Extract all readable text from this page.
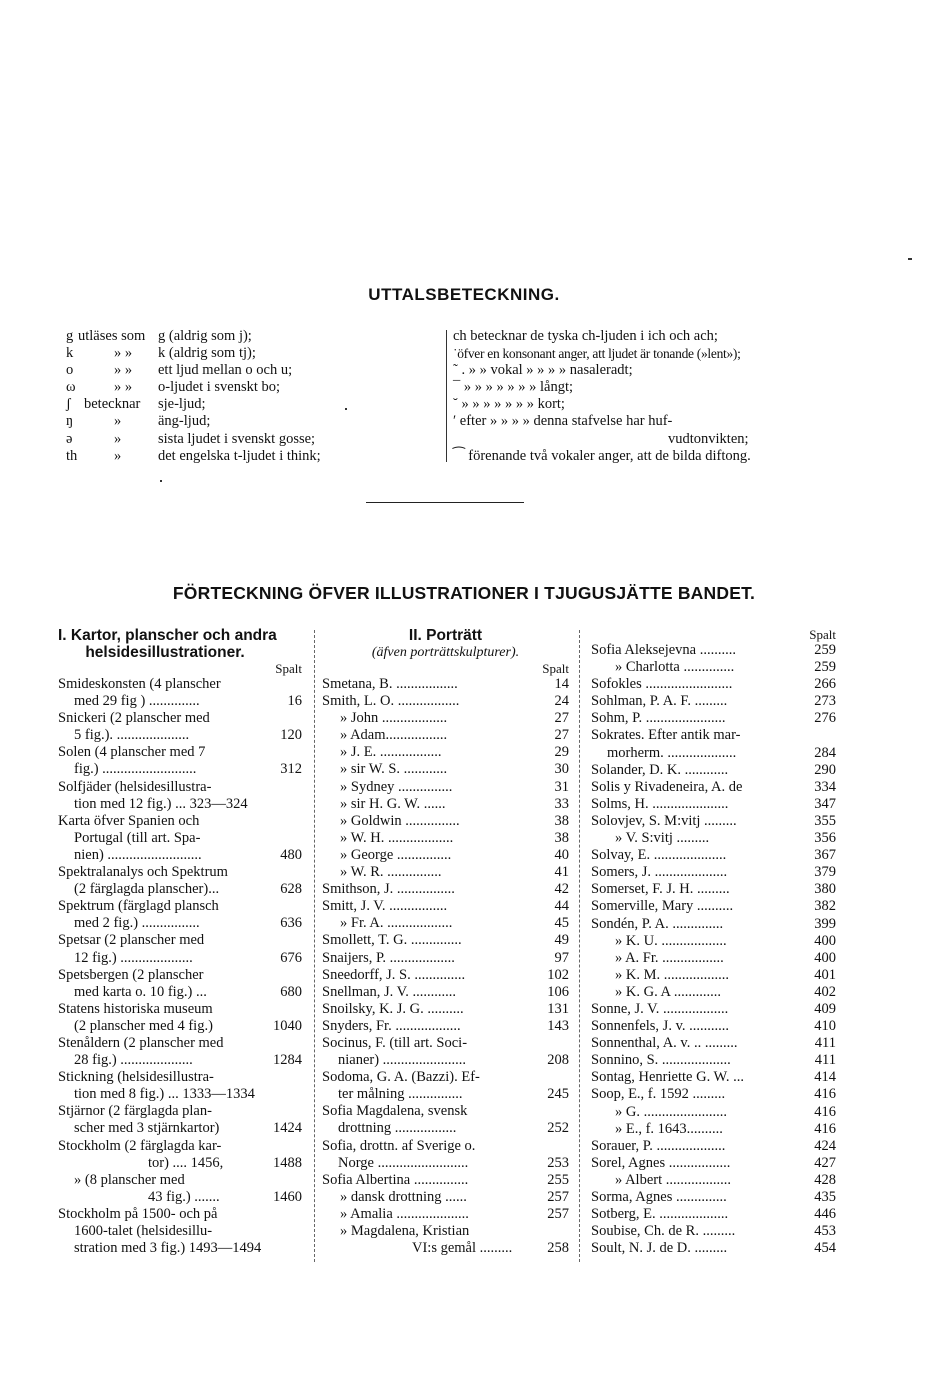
UTTALSBETECKNING.
g utläses som g (aldrig som j);
k	» » k (aldrig som tj);
o	» » ett ljud mellan o och u;
ω	» » o-ljudet i svenskt bo;
ʃ betecknar sje-ljud;
ŋ	»	äng-ljud;
ə	»	sista ljudet i svenskt gosse;
th	»	det engelska t-ljudet i think;
ch betecknar de tyska ch-ljuden i ich och ach;
˙öfver en konsonant anger, att ljudet är tonande (»lent»);
˜ . » » vokal » » » » nasaleradt;
¯ » » » » » » » långt;
˘ » » » » » » » kort;
ʹ efter » » » » denna stafvelse har huf-
vudtonvikten;
⁀ förenande två vokaler anger, att de bilda diftong.
FÖRTECKNING ÖFVER ILLUSTRATIONER I TJUGUSJÄTTE BANDET.
I. Kartor, planscher och andra
helsidesillustrationer.
Spalt
Smideskonsten (4 planscher
med 29 fig ) ..............	16
Snickeri (2 planscher med
5 fig.). ....................	120
Solen (4 planscher med 7
fig.) ..........................	312
Solfjäder (helsidesillustra-
tion med 12 fig.) ... 323—324
Karta öfver Spanien och
Portugal (till art. Spa-
nien) ..........................	480
Spektralanalys och Spektrum
(2 färglagda planscher)...	628
Spektrum (färglagd plansch
med 2 fig.) ................	636
Spetsar (2 planscher med
12 fig.) ....................	676
Spetsbergen (2 planscher
med karta o. 10 fig.) ...	680
Statens historiska museum
(2 planscher med 4 fig.)	1040
Stenåldern (2 planscher med
28 fig.) ....................	1284
Stickning (helsidesillustra-
tion med 8 fig.) ... 1333—1334
Stjärnor (2 färglagda plan-
scher med 3 stjärnkartor)	1424
Stockholm (2 färglagda kar-
tor) .... 1456,	1488
» (8 planscher med
43 fig.) .......	1460
Stockholm på 1500- och på
1600-talet (helsidesillu-
stration med 3 fig.) 1493—1494
II. Porträtt
(äfven porträttskulpturer).
Spalt
Smetana, B. .................	14
Smith, L. O. .................	24
» John ..................	27
» Adam.................	27
» J. E. .................	29
» sir W. S. ............	30
» Sydney ...............	31
» sir H. G. W. ......	33
» Goldwin ...............	38
» W. H. ..................	38
» George ...............	40
» W. R. ...............	41
Smithson, J. ................	42
Smitt, J. V. ................	44
» Fr. A. ..................	45
Smollett, T. G. ..............	49
Snaijers, P. ..................	97
Sneedorff, J. S. ..............	102
Snellman, J. V. ............	106
Snoilsky, K. J. G. ..........	131
Snyders, Fr. ..................	143
Socinus, F. (till art. Soci-
nianer) .......................	208
Sodoma, G. A. (Bazzi). Ef-
ter målning ...............	245
Sofia Magdalena, svensk
drottning .................	252
Sofia, drottn. af Sverige o.
Norge .........................	253
Sofia Albertina ...............	255
» dansk drottning ......	257
» Amalia ....................	257
» Magdalena, Kristian
VI:s gemål ......... 258
Spalt
Sofia Aleksejevna ..........	259
» Charlotta ..............	259
Sofokles ........................	266
Sohlman, P. A. F. .........	273
Sohm, P. ......................	276
Sokrates. Efter antik mar-
morherm. ...................	284
Solander, D. K. ............	290
Solis y Rivadeneira, A. de	334
Solms, H. .....................	347
Solovjev, S. M:vitj .........	355
» V. S:vitj .........	356
Solvay, E. ....................	367
Somers, J. ....................	379
Somerset, F. J. H. .........	380
Somerville, Mary ..........	382
Sondén, P. A. ..............	399
» K. U. ..................	400
» A. Fr. .................	400
» K. M. ..................	401
» K. G. A .............	402
Sonne, J. V. ..................	409
Sonnenfels, J. v. ...........	410
Sonnenthal, A. v. .. .........	411
Sonnino, S. ...................	411
Sontag, Henriette G. W. ...	414
Soop, E., f. 1592 .........	416
» G. .......................	416
» E., f. 1643..........	416
Sorauer, P. ...................	424
Sorel, Agnes .................	427
» Albert ..................	428
Sorma, Agnes ..............	435
Sotberg, E. ...................	446
Soubise, Ch. de R. .........	453
Soult, N. J. de D. .........	454
